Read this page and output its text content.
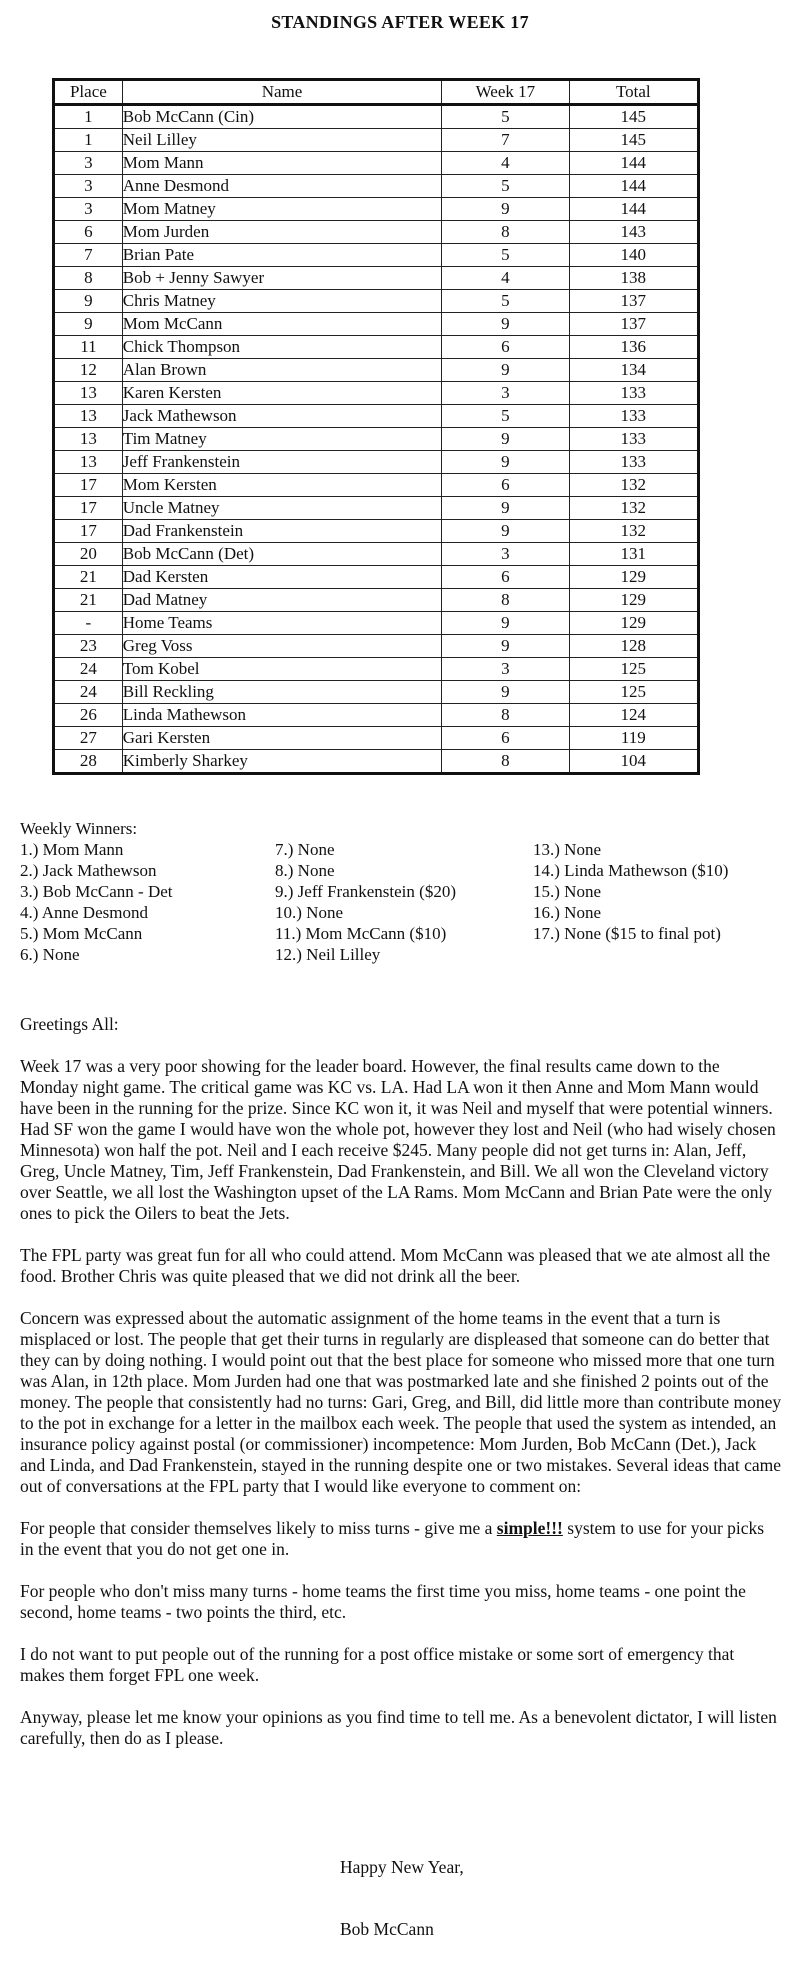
STANDINGS AFTER WEEK 17
Place	Name	Week 17	Total
1	Bob McCann (Cin)	5	145
1	Neil Lilley	7	145
3	Mom Mann	4	144
3	Anne Desmond	5	144
3	Mom Matney	9	144
6	Mom Jurden	8	143
7	Brian Pate	5	140
8	Bob + Jenny Sawyer	4	138
9	Chris Matney	5	137
9	Mom McCann	9	137
11	Chick Thompson	6	136
12	Alan Brown	9	134
13	Karen Kersten	3	133
13	Jack Mathewson	5	133
13	Tim Matney	9	133
13	Jeff Frankenstein	9	133
17	Mom Kersten	6	132
17	Uncle Matney	9	132
17	Dad Frankenstein	9	132
20	Bob McCann (Det)	3	131
21	Dad Kersten	6	129
21	Dad Matney	8	129
-	Home Teams	9	129
23	Greg Voss	9	128
24	Tom Kobel	3	125
24	Bill Reckling	9	125
26	Linda Mathewson	8	124
27	Gari Kersten	6	119
28	Kimberly Sharkey	8	104
Weekly Winners:
1.) Mom Mann
2.) Jack Mathewson
3.) Bob McCann - Det
4.) Anne Desmond
5.) Mom McCann
6.) None
7.) None
8.) None
9.) Jeff Frankenstein ($20)
10.) None
11.) Mom McCann ($10)
12.) Neil Lilley
13.) None
14.) Linda Mathewson ($10)
15.) None
16.) None
17.) None ($15 to final pot)

Greetings All:

Week 17 was a very poor showing for the leader board. However, the final results came down to the Monday night game. The critical game was KC vs. LA. Had LA won it then Anne and Mom Mann would have been in the running for the prize. Since KC won it, it was Neil and myself that were potential winners. Had SF won the game I would have won the whole pot, however they lost and Neil (who had wisely chosen Minnesota) won half the pot. Neil and I each receive $245. Many people did not get turns in: Alan, Jeff, Greg, Uncle Matney, Tim, Jeff Frankenstein, Dad Frankenstein, and Bill. We all won the Cleveland victory over Seattle, we all lost the Washington upset of the LA Rams. Mom McCann and Brian Pate were the only ones to pick the Oilers to beat the Jets.

The FPL party was great fun for all who could attend. Mom McCann was pleased that we ate almost all the food. Brother Chris was quite pleased that we did not drink all the beer.

Concern was expressed about the automatic assignment of the home teams in the event that a turn is misplaced or lost. The people that get their turns in regularly are displeased that someone can do better that they can by doing nothing. I would point out that the best place for someone who missed more that one turn was Alan, in 12th place. Mom Jurden had one that was postmarked late and she finished 2 points out of the money. The people that consistently had no turns: Gari, Greg, and Bill, did little more than contribute money to the pot in exchange for a letter in the mailbox each week. The people that used the system as intended, an insurance policy against postal (or commissioner) incompetence: Mom Jurden, Bob McCann (Det.), Jack and Linda, and Dad Frankenstein, stayed in the running despite one or two mistakes. Several ideas that came out of conversations at the FPL party that I would like everyone to comment on:

For people that consider themselves likely to miss turns - give me a simple!!! system to use for your picks in the event that you do not get one in.

For people who don't miss many turns - home teams the first time you miss, home teams - one point the second, home teams - two points the third, etc.

I do not want to put people out of the running for a post office mistake or some sort of emergency that makes them forget FPL one week.

Anyway, please let me know your opinions as you find time to tell me. As a benevolent dictator, I will listen carefully, then do as I please.

Happy New Year,
Bob McCann
